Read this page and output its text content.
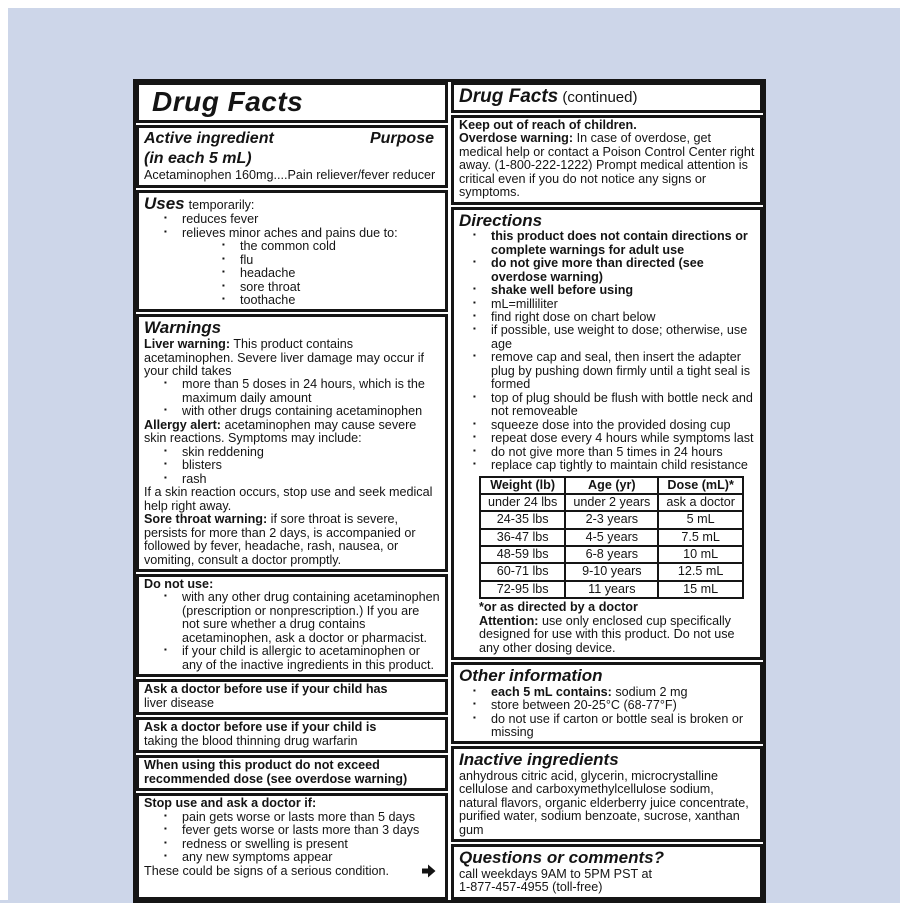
Drug Facts
Active ingredient
(in each 5 mL)
Purpose

Acetaminophen 160mg....Pain reliever/fever reducer

Uses temporarily:

▪ reduces fever
▪ relieves minor aches and pains due to:
▪ the common cold
▪ flu
▪ headache
▪ sore throat
▪ toothache
Warnings

Liver warning: This product contains acetaminophen. Severe liver damage may occur if your child takes

▪ more than 5 doses in 24 hours, which is the maximum daily amount
▪ with other drugs containing acetaminophen

Allergy alert: acetaminophen may cause severe skin reactions. Symptoms may include:

▪ skin reddening
▪ blisters
▪ rash

If a skin reaction occurs, stop use and seek medical help right away.

Sore throat warning: if sore throat is severe, persists for more than 2 days, is accompanied or followed by fever, headache, rash, nausea, or vomiting, consult a doctor promptly.

Do not use:

▪ with any other drug containing acetaminophen (prescription or nonprescription.) If you are not sure whether a drug contains acetaminophen, ask a doctor or pharmacist.
▪ if your child is allergic to acetaminophen or any of the inactive ingredients in this product.

Ask a doctor before use if your child has

liver disease

Ask a doctor before use if your child is

taking the blood thinning drug warfarin

When using this product do not exceed recommended dose (see overdose warning)

Stop use and ask a doctor if:

▪ pain gets worse or lasts more than 5 days
▪ fever gets worse or lasts more than 3 days
▪ redness or swelling is present
▪ any new symptoms appear
These could be signs of a serious condition.
Drug Facts (continued)

Keep out of reach of children.

Overdose warning: In case of overdose, get medical help or contact a Poison Control Center right away. (1-800-222-1222) Prompt medical attention is critical even if you do not notice any signs or symptoms.

Directions
▪ this product does not contain directions or complete warnings for adult use
▪ do not give more than directed (see overdose warning)
▪ shake well before using
▪ mL=milliliter
▪ find right dose on chart below
▪ if possible, use weight to dose; otherwise, use age
▪ remove cap and seal, then insert the adapter plug by pushing down firmly until a tight seal is formed
▪ top of plug should be flush with bottle neck and not removeable
▪ squeeze dose into the provided dosing cup
▪ repeat dose every 4 hours while symptoms last
▪ do not give more than 5 times in 24 hours
▪ replace cap tightly to maintain child resistance
Weight (lb)	Age (yr)	Dose (mL)*
under 24 lbs	under 2 years	ask a doctor
24-35 lbs	2-3 years	5 mL
36-47 lbs	4-5 years	7.5 mL
48-59 lbs	6-8 years	10 mL
60-71 lbs	9-10 years	12.5 mL
72-95 lbs	11 years	15 mL

*or as directed by a doctor

Attention: use only enclosed cup specifically designed for use with this product. Do not use any other dosing device.

Other information
▪ each 5 mL contains: sodium 2 mg
▪ store between 20-25°C (68-77°F)
▪ do not use if carton or bottle seal is broken or missing
Inactive ingredients

anhydrous citric acid, glycerin, microcrystalline cellulose and carboxymethylcellulose sodium, natural flavors, organic elderberry juice concentrate, purified water, sodium benzoate, sucrose, xanthan gum

Questions or comments?

call weekdays 9AM to 5PM PST at

1-877-457-4955 (toll-free)
